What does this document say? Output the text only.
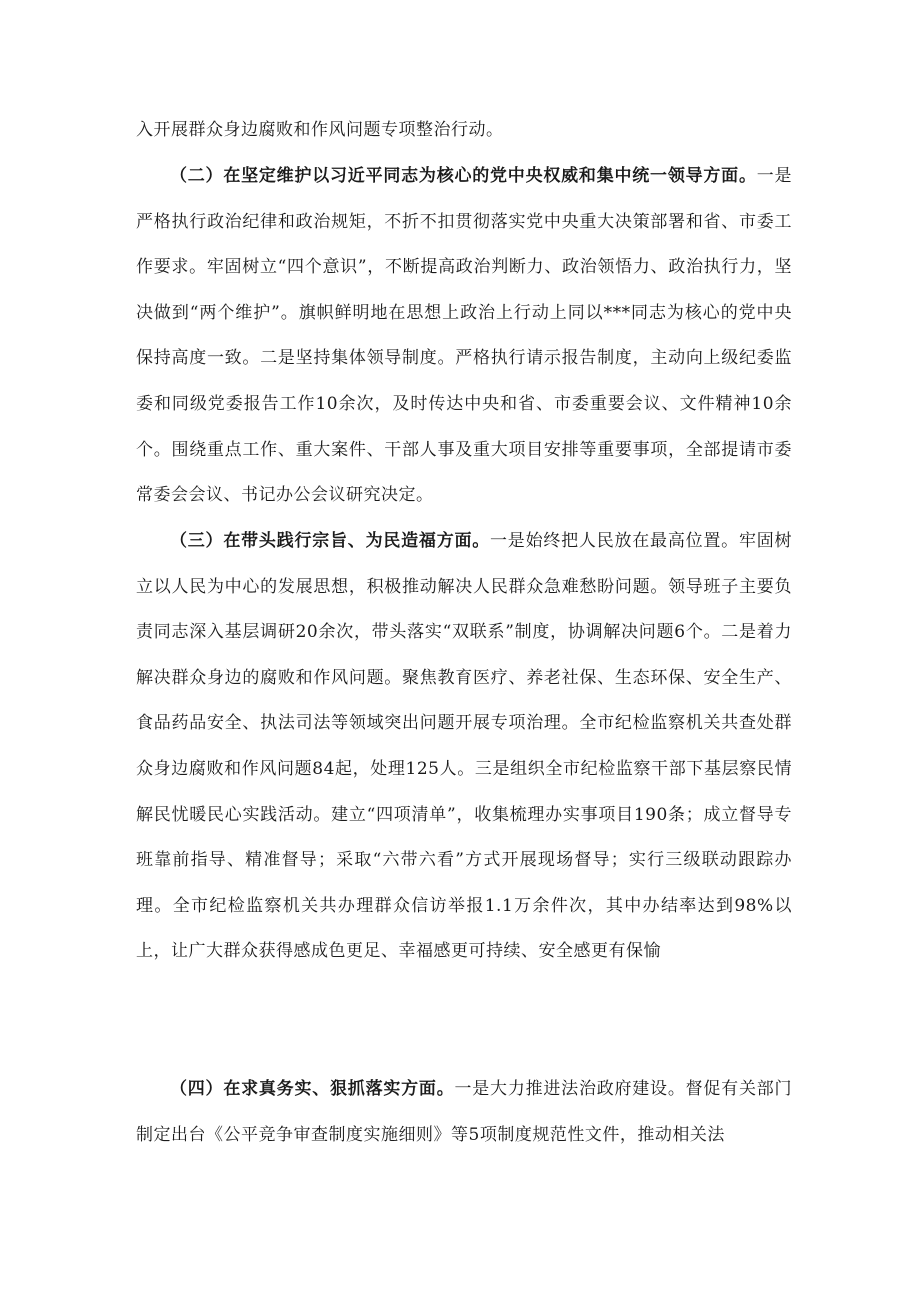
入开展群众身边腐败和作风问题专项整治行动。

（二）在坚定维护以习近平同志为核心的党中央权威和集中统一领导方面。一是严格执行政治纪律和政治规矩，不折不扣贯彻落实党中央重大决策部署和省、市委工作要求。牢固树立“四个意识”，不断提高政治判断力、政治领悟力、政治执行力，坚决做到“两个维护”。旗帜鲜明地在思想上政治上行动上同以***同志为核心的党中央保持高度一致。二是坚持集体领导制度。严格执行请示报告制度，主动向上级纪委监委和同级党委报告工作10余次，及时传达中央和省、市委重要会议、文件精神10余个。围绕重点工作、重大案件、干部人事及重大项目安排等重要事项，全部提请市委常委会会议、书记办公会议研究决定。

（三）在带头践行宗旨、为民造福方面。一是始终把人民放在最高位置。牢固树立以人民为中心的发展思想，积极推动解决人民群众急难愁盼问题。领导班子主要负责同志深入基层调研20余次，带头落实“双联系”制度，协调解决问题6个。二是着力解决群众身边的腐败和作风问题。聚焦教育医疗、养老社保、生态环保、安全生产、食品药品安全、执法司法等领域突出问题开展专项治理。全市纪检监察机关共查处群众身边腐败和作风问题84起，处理125人。三是组织全市纪检监察干部下基层察民情解民忧暖民心实践活动。建立“四项清单”，收集梳理办实事项目190条；成立督导专班靠前指导、精准督导；采取“六带六看”方式开展现场督导；实行三级联动跟踪办理。全市纪检监察机关共办理群众信访举报1.1万余件次，其中办结率达到98%以上，让广大群众获得感成色更足、幸福感更可持续、安全感更有保愉

（四）在求真务实、狠抓落实方面。一是大力推进法治政府建设。督促有关部门制定出台《公平竞争审查制度实施细则》等5项制度规范性文件，推动相关法
